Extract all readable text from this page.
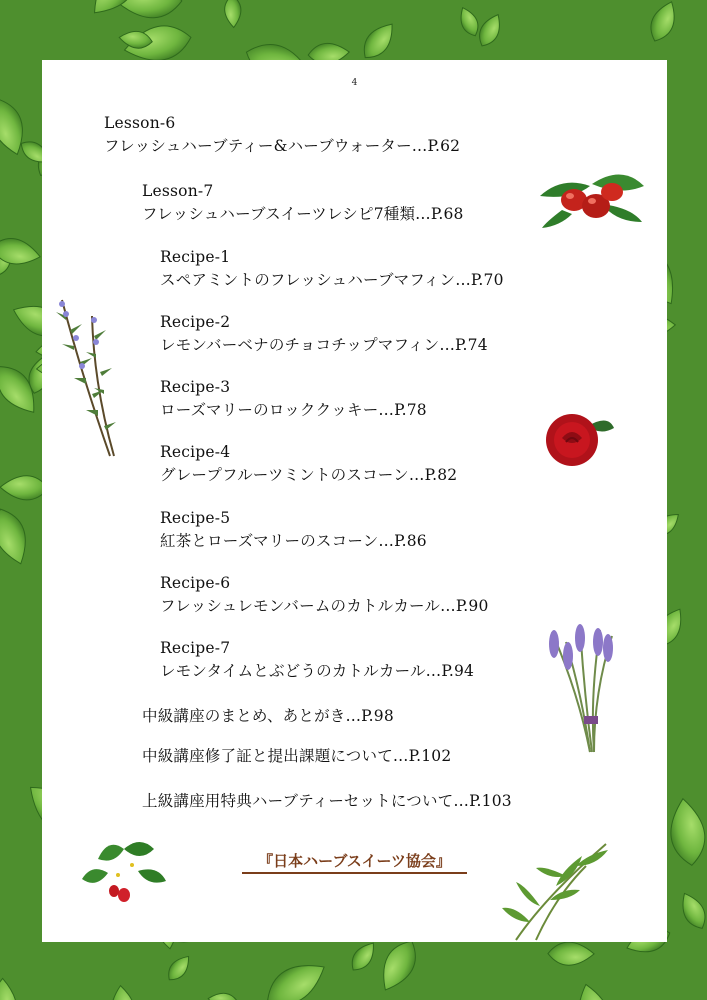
4
Lesson-6
フレッシュハーブティー&ハーブウォーター…P.62
Lesson-7
フレッシュハーブスイーツレシピ7種類…P.68
Recipe-1
スペアミントのフレッシュハーブマフィン…P.70
Recipe-2
レモンバーベナのチョコチップマフィン…P.74
Recipe-3
ローズマリーのロッククッキー…P.78
Recipe-4
グレープフルーツミントのスコーン…P.82
Recipe-5
紅茶とローズマリーのスコーン…P.86
Recipe-6
フレッシュレモンバームのカトルカール…P.90
Recipe-7
レモンタイムとぶどうのカトルカール…P.94
中級講座のまとめ、あとがき…P.98
中級講座修了証と提出課題について…P.102
上級講座用特典ハーブティーセットについて…P.103
『日本ハーブスイーツ協会』
